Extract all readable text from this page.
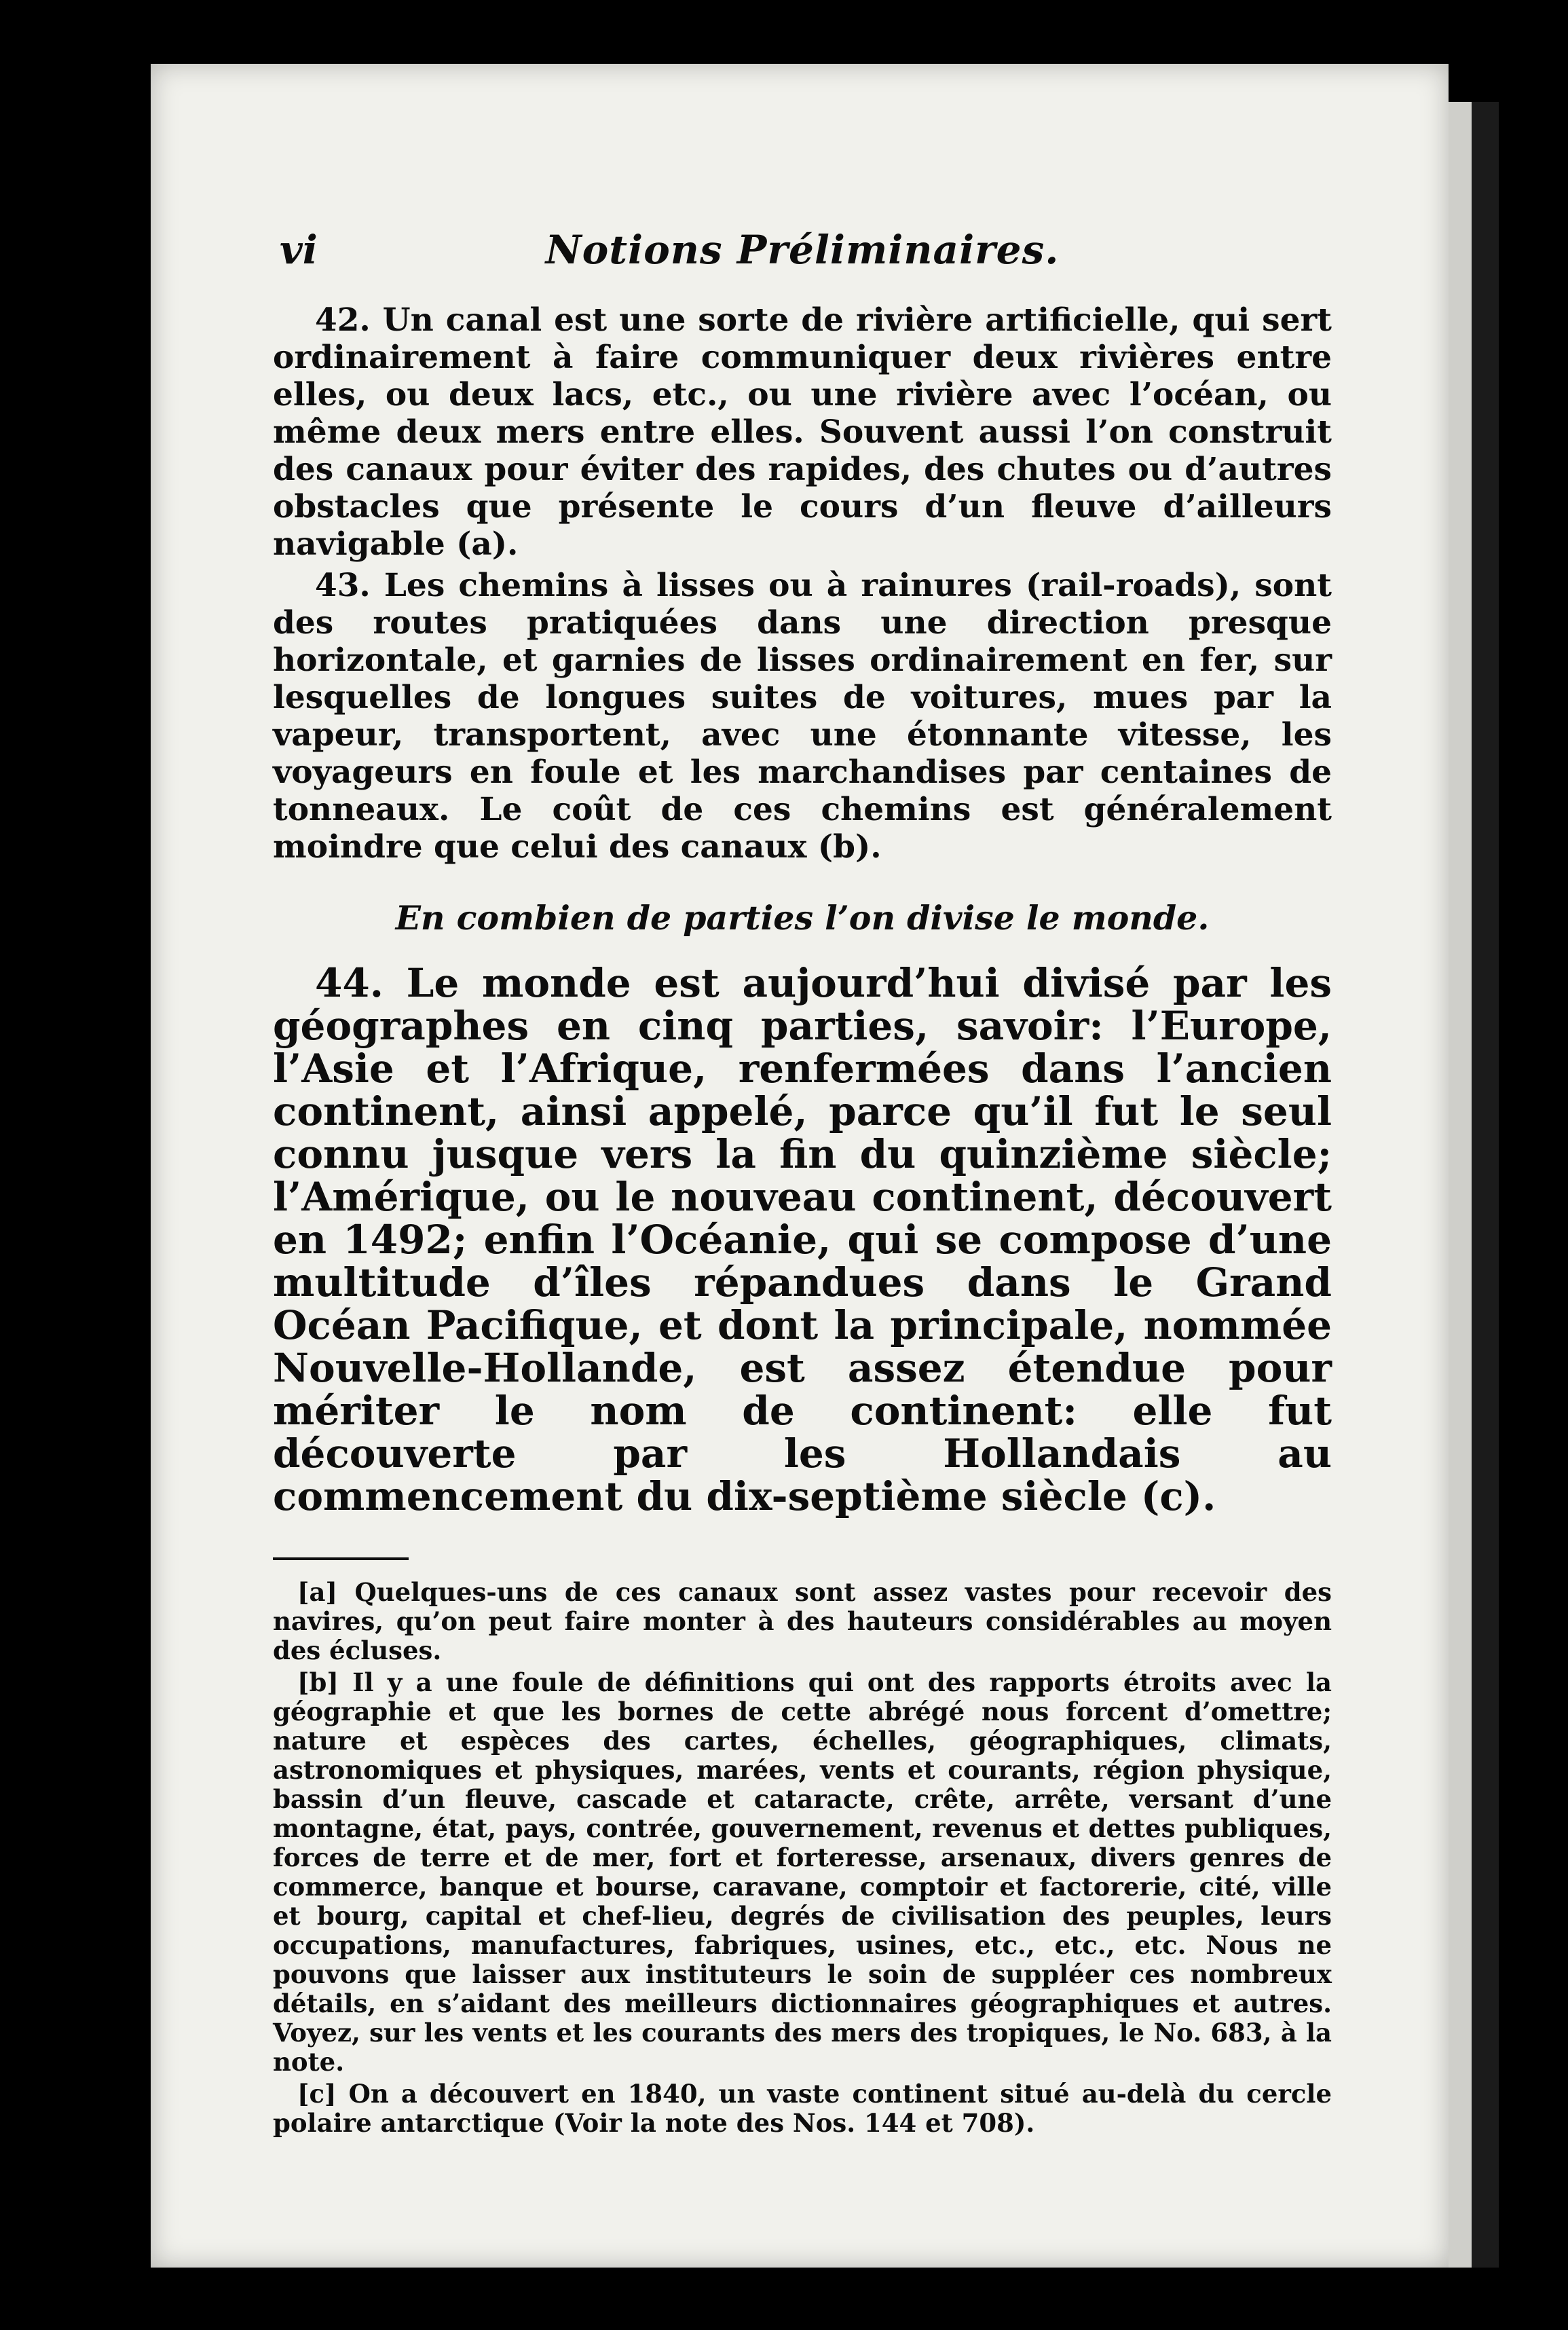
vi	Notions Préliminaires.

42. Un canal est une sorte de rivière artificielle, qui sert ordinairement à faire communiquer deux rivières entre elles, ou deux lacs, etc., ou une rivière avec l’océan, ou même deux mers entre elles. Souvent aussi l’on construit des canaux pour éviter des rapides, des chutes ou d’autres obstacles que présente le cours d’un fleuve d’ailleurs navigable (a).

43. Les chemins à lisses ou à rainures (rail-roads), sont des routes pratiquées dans une direction presque horizontale, et garnies de lisses ordinairement en fer, sur lesquelles de longues suites de voitures, mues par la vapeur, transportent, avec une étonnante vitesse, les voyageurs en foule et les marchandises par centaines de tonneaux. Le coût de ces chemins est généralement moindre que celui des canaux (b).

En combien de parties l’on divise le monde.

44. Le monde est aujourd’hui divisé par les géographes en cinq parties, savoir: l’Europe, l’Asie et l’Afrique, renfermées dans l’ancien continent, ainsi appelé, parce qu’il fut le seul connu jusque vers la fin du quinzième siècle; l’Amérique, ou le nouveau continent, découvert en 1492; enfin l’Océanie, qui se compose d’une multitude d’îles répandues dans le Grand Océan Pacifique, et dont la principale, nommée Nouvelle-Hollande, est assez étendue pour mériter le nom de continent: elle fut découverte par les Hollandais au commencement du dix-septième siècle (c).

[a] Quelques-uns de ces canaux sont assez vastes pour recevoir des navires, qu’on peut faire monter à des hauteurs considérables au moyen des écluses.

[b] Il y a une foule de définitions qui ont des rapports étroits avec la géographie et que les bornes de cette abrégé nous forcent d’omettre; nature et espèces des cartes, échelles, géographiques, climats, astronomiques et physiques, marées, vents et courants, région physique, bassin d’un fleuve, cascade et cataracte, crête, arrête, versant d’une montagne, état, pays, contrée, gouvernement, revenus et dettes publiques, forces de terre et de mer, fort et forteresse, arsenaux, divers genres de commerce, banque et bourse, caravane, comptoir et factorerie, cité, ville et bourg, capital et chef-lieu, degrés de civilisation des peuples, leurs occupations, manufactures, fabriques, usines, etc., etc., etc. Nous ne pouvons que laisser aux instituteurs le soin de suppléer ces nombreux détails, en s’aidant des meilleurs dictionnaires géographiques et autres. Voyez, sur les vents et les courants des mers des tropiques, le No. 683, à la note.

[c] On a découvert en 1840, un vaste continent situé au-delà du cercle polaire antarctique (Voir la note des Nos. 144 et 708).
